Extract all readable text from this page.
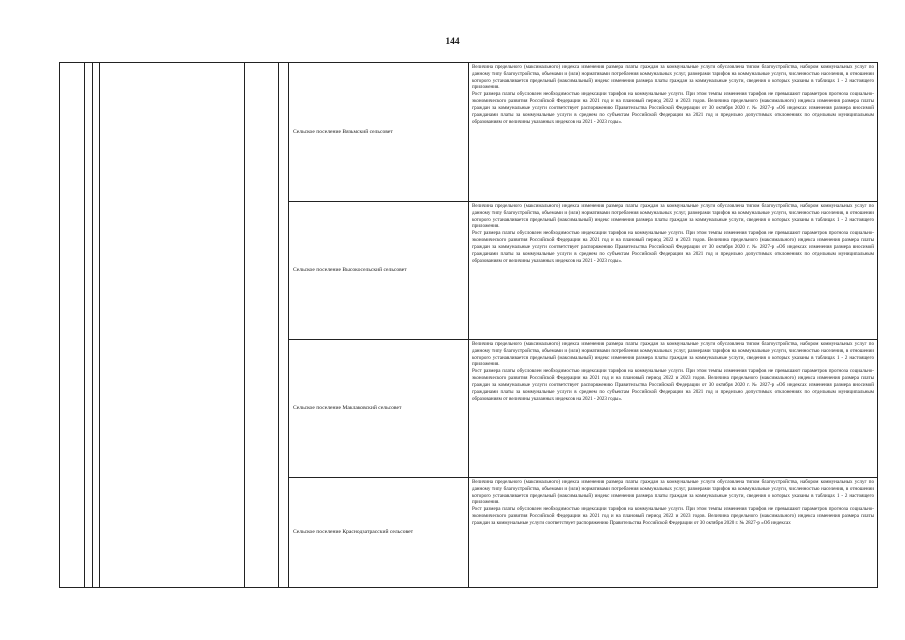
144
						Сельское поселение Вязьмский сельсовет	Величина предельного (максимального) индекса изменения размера платы граждан за коммунальные услуги обусловлена типом благоустройства, набором коммунальных услуг по данному типу благоустройства, объемами и (или) нормативами потребления коммунальных услуг, размерами тарифов на коммунальные услуги, численностью населения, в отношении которого устанавливается предельный (максимальный) индекс изменения размера платы граждан за коммунальные услуги, сведения о которых указаны в таблицах 1 - 2 настоящего приложения.

Рост размера платы обусловлен необходимостью индексации тарифов на коммунальные услуги. При этом темпы изменения тарифов не превышают параметров прогноза социально-экономического развития Российской Федерации на 2021 год и на плановый период 2022 и 2023 годов. Величина предельного (максимального) индекса изменения размера платы граждан за коммунальные услуги соответствует распоряжению Правительства Российской Федерации от 30 октября 2020 г. № 2827-р «Об индексах изменения размера вносимой гражданами платы за коммунальные услуги в среднем по субъектам Российской Федерации на 2021 год и предельно допустимых отклонениях по отдельным муниципальным образованиям от величины указанных индексов на 2021 - 2023 годы».

						Сельское поселение Высокосельский сельсовет	Величина предельного (максимального) индекса изменения размера платы граждан за коммунальные услуги обусловлена типом благоустройства, набором коммунальных услуг по данному типу благоустройства, объемами и (или) нормативами потребления коммунальных услуг, размерами тарифов на коммунальные услуги, численностью населения, в отношении которого устанавливается предельный (максимальный) индекс изменения размера платы граждан за коммунальные услуги, сведения о которых указаны в таблицах 1 - 2 настоящего приложения.

Рост размера платы обусловлен необходимостью индексации тарифов на коммунальные услуги. При этом темпы изменения тарифов не превышают параметров прогноза социально-экономического развития Российской Федерации на 2021 год и на плановый период 2022 и 2023 годов. Величина предельного (максимального) индекса изменения размера платы граждан за коммунальные услуги соответствует распоряжению Правительства Российской Федерации от 30 октября 2020 г. № 2827-р «Об индексах изменения размера вносимой гражданами платы за коммунальные услуги в среднем по субъектам Российской Федерации на 2021 год и предельно допустимых отклонениях по отдельным муниципальным образованиям от величины указанных индексов на 2021 - 2023 годы».

						Сельское поселение Маклаковский сельсовет	Величина предельного (максимального) индекса изменения размера платы граждан за коммунальные услуги обусловлена типом благоустройства, набором коммунальных услуг по данному типу благоустройства, объемами и (или) нормативами потребления коммунальных услуг, размерами тарифов на коммунальные услуги, численностью населения, в отношении которого устанавливается предельный (максимальный) индекс изменения размера платы граждан за коммунальные услуги, сведения о которых указаны в таблицах 1 - 2 настоящего приложения.

Рост размера платы обусловлен необходимостью индексации тарифов на коммунальные услуги. При этом темпы изменения тарифов не превышают параметров прогноза социально-экономического развития Российской Федерации на 2021 год и на плановый период 2022 и 2023 годов. Величина предельного (максимального) индекса изменения размера платы граждан за коммунальные услуги соответствует распоряжению Правительства Российской Федерации от 30 октября 2020 г. № 2827-р «Об индексах изменения размера вносимой гражданами платы за коммунальные услуги в среднем по субъектам Российской Федерации на 2021 год и предельно допустимых отклонениях по отдельным муниципальным образованиям от величины указанных индексов на 2021 - 2023 годы».

						Сельское поселение Краснодзатрасский сельсовет	Величина предельного (максимального) индекса изменения размера платы граждан за коммунальные услуги обусловлена типом благоустройства, набором коммунальных услуг по данному типу благоустройства, объемами и (или) нормативами потребления коммунальных услуг, размерами тарифов на коммунальные услуги, численностью населения, в отношении которого устанавливается предельный (максимальный) индекс изменения размера платы граждан за коммунальные услуги, сведения о которых указаны в таблицах 1 - 2 настоящего приложения.

Рост размера платы обусловлен необходимостью индексации тарифов на коммунальные услуги. При этом темпы изменения тарифов не превышают параметров прогноза социально-экономического развития Российской Федерации на 2021 год и на плановый период 2022 и 2023 годов. Величина предельного (максимального) индекса изменения размера платы граждан за коммунальные услуги соответствует распоряжению Правительства Российской Федерации от 30 октября 2020 г. № 2827-р «Об индексах
